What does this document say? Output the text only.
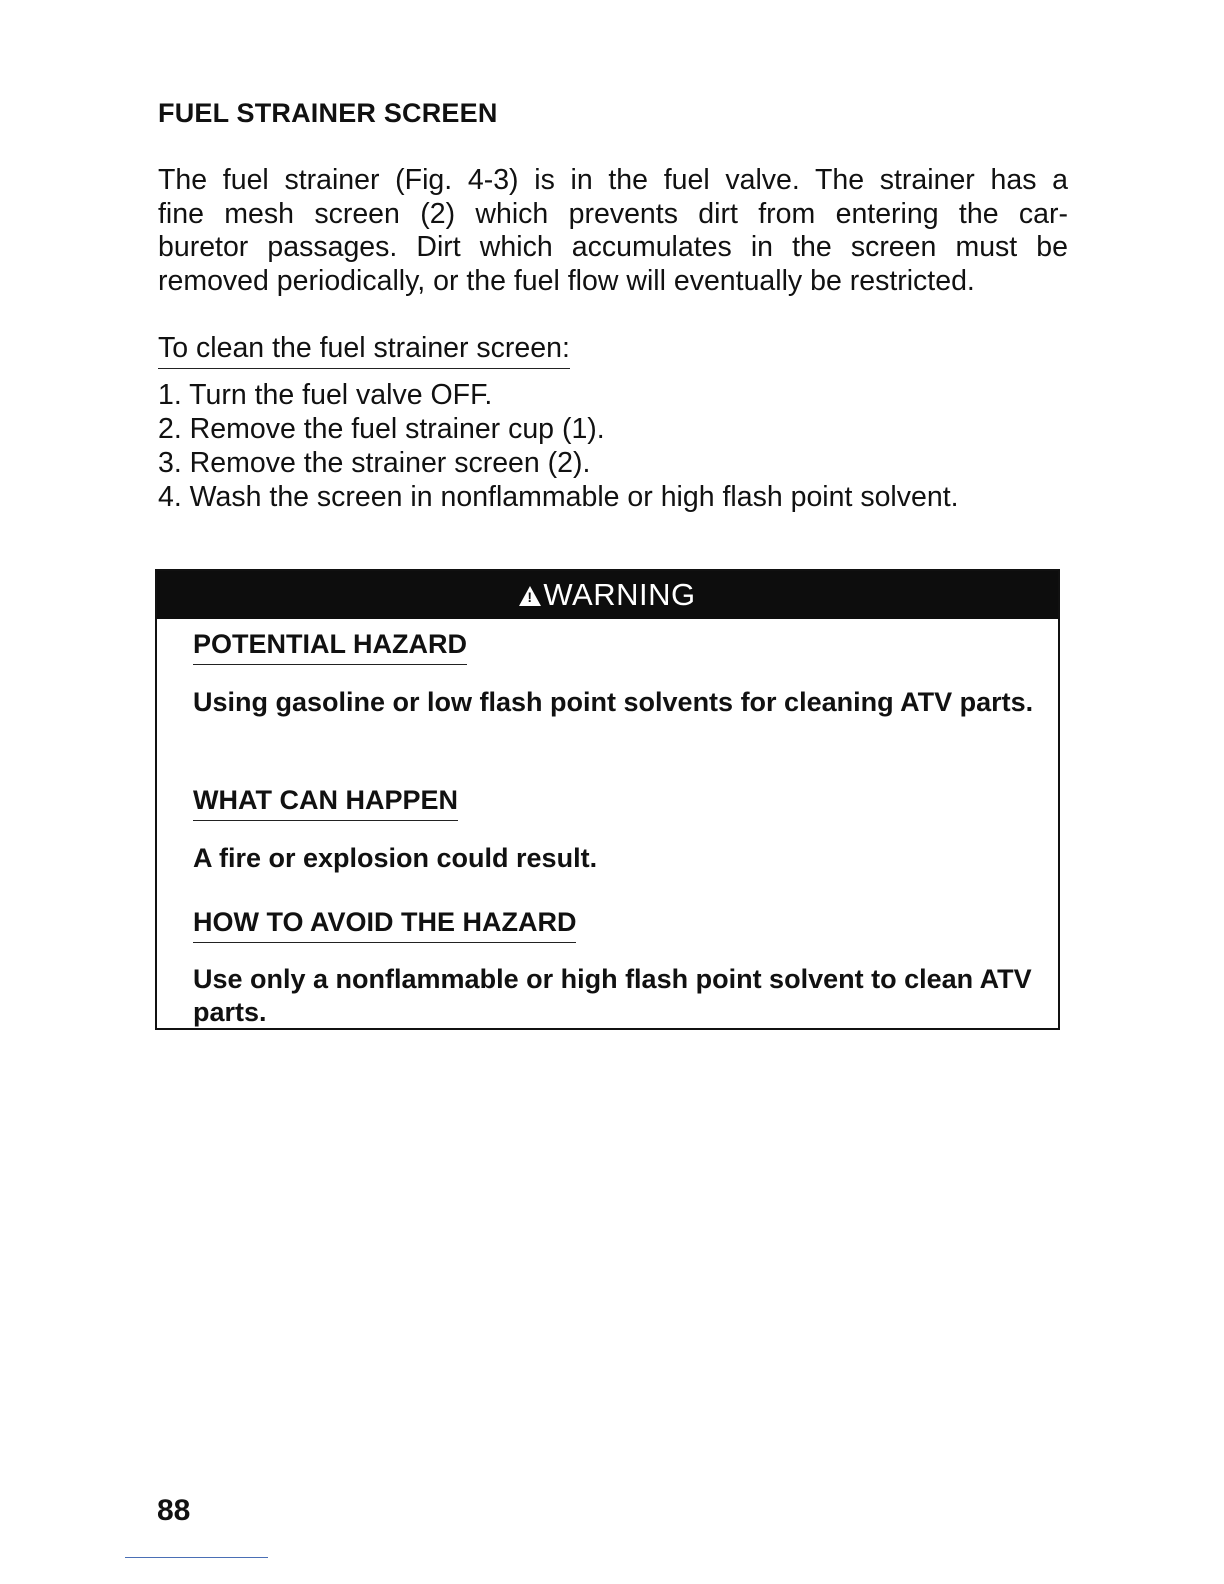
FUEL STRAINER SCREEN

The fuel strainer (Fig. 4-3) is in the fuel valve. The strainer has a
fine mesh screen (2) which prevents dirt from entering the car-
buretor passages. Dirt which accumulates in the screen must be
removed periodically, or the fuel flow will eventually be restricted.

To clean the fuel strainer screen:

1. Turn the fuel valve OFF.
2. Remove the fuel strainer cup (1).
3. Remove the strainer screen (2).
4. Wash the screen in nonflammable or high flash point solvent.
!WARNING

POTENTIAL HAZARD

Using gasoline or low flash point solvents for cleaning ATV parts.

WHAT CAN HAPPEN

A fire or explosion could result.

HOW TO AVOID THE HAZARD

Use only a nonflammable or high flash point solvent to clean ATV parts.

88
